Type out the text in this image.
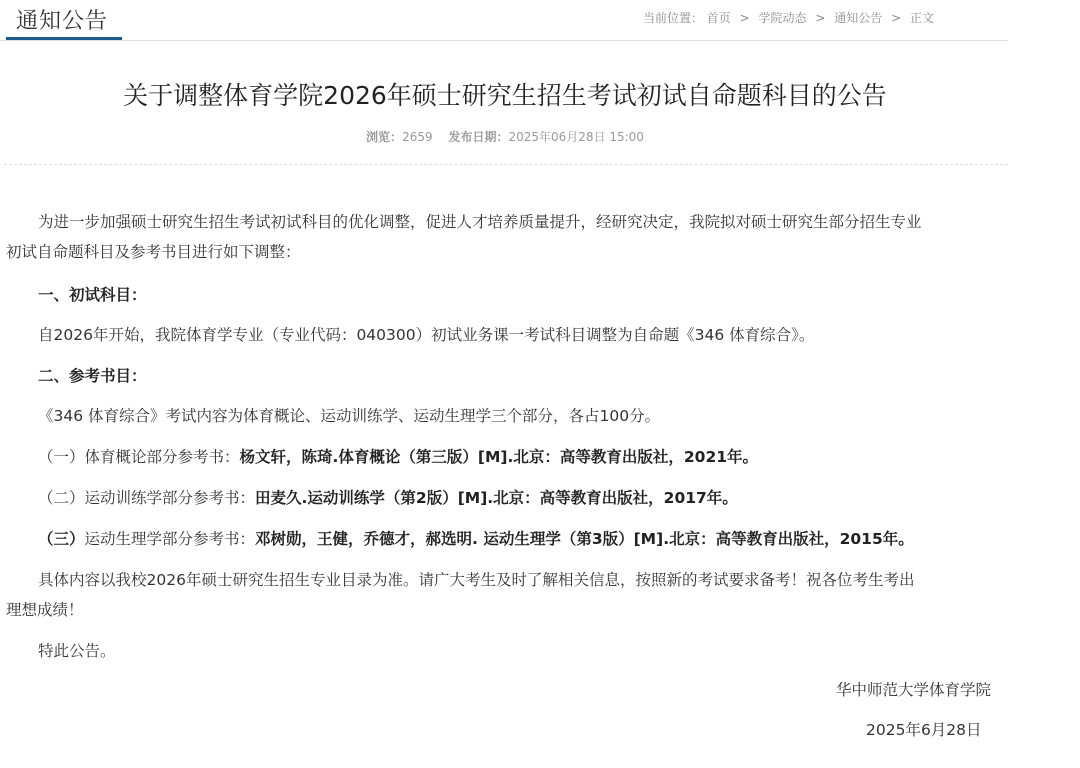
通知公告	当前位置： 首页 > 学院动态 > 通知公告 > 正文
关于调整体育学院2026年硕士研究生招生考试初试自命题科目的公告
浏览：2659 发布日期：2025年06月28日 15:00
为进一步加强硕士研究生招生考试初试科目的优化调整，促进人才培养质量提升，经研究决定，我院拟对硕士研究生部分招生专业
初试自命题科目及参考书目进行如下调整：
一、初试科目：
自2026年开始，我院体育学专业（专业代码：040300）初试业务课一考试科目调整为自命题《346 体育综合》。
二、参考书目：
《346 体育综合》考试内容为体育概论、运动训练学、运动生理学三个部分，各占100分。
（一）体育概论部分参考书：杨文轩，陈琦.体育概论（第三版）[M].北京：高等教育出版社，2021年。
（二）运动训练学部分参考书：田麦久.运动训练学（第2版）[M].北京：高等教育出版社，2017年。
（三）运动生理学部分参考书：邓树勋，王健，乔德才，郝选明. 运动生理学（第3版）[M].北京：高等教育出版社，2015年。
具体内容以我校2026年硕士研究生招生专业目录为准。请广大考生及时了解相关信息，按照新的考试要求备考！祝各位考生考出
理想成绩！
特此公告。
华中师范大学体育学院
2025年6月28日
